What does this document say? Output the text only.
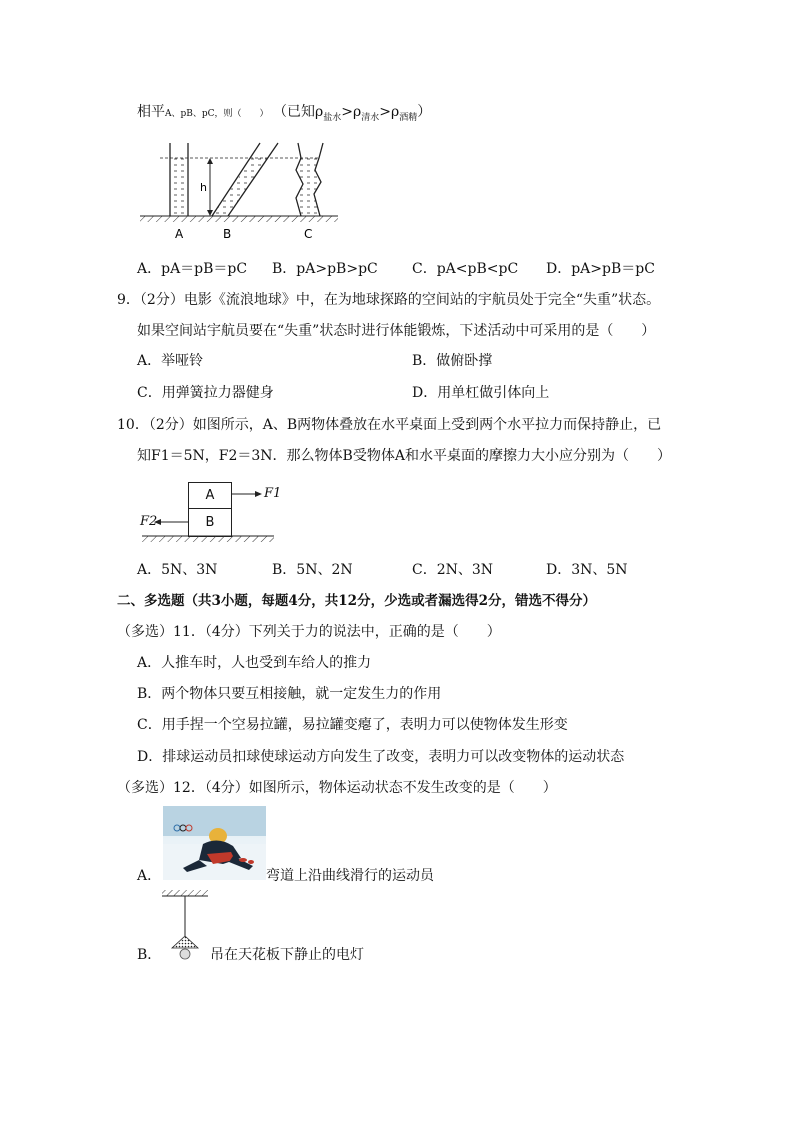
相平A、pB、pC，则（　　） （已知$\rho_{盐水}>\rho_{清水}>\rho_{酒精}$）
h
A	B	C
A．pA＝pB＝pC B．pA>pB>pC C．pA<pB<pC D．pA>pB＝pC
9．（2分）电影《流浪地球》中，在为地球探路的空间站的宇航员处于完全“失重”状态。
如果空间站宇航员要在“失重”状态时进行体能锻炼，下述活动中可采用的是（　　）
A．举哑铃	B．做俯卧撑
C．用弹簧拉力器健身	D．用单杠做引体向上
10．（2分）如图所示，A、B两物体叠放在水平桌面上受到两个水平拉力而保持静止，已
知F1＝5N，F2＝3N．那么物体B受物体A和水平桌面的摩擦力大小应分别为（　　）
A
B
F1
F2
A．5N、3N	B．5N、2N	C．2N、3N	D．3N、5N
二、多选题（共3小题，每题4分，共12分，少选或者漏选得2分，错选不得分）
（多选）11．（4分）下列关于力的说法中，正确的是（　　）
A．人推车时，人也受到车给人的推力
B．两个物体只要互相接触，就一定发生力的作用
C．用手捏一个空易拉罐，易拉罐变瘪了，表明力可以使物体发生形变
D．排球运动员扣球使球运动方向发生了改变，表明力可以改变物体的运动状态
（多选）12．（4分）如图所示，物体运动状态不发生改变的是（　　）
A．	弯道上沿曲线滑行的运动员
B．	吊在天花板下静止的电灯
